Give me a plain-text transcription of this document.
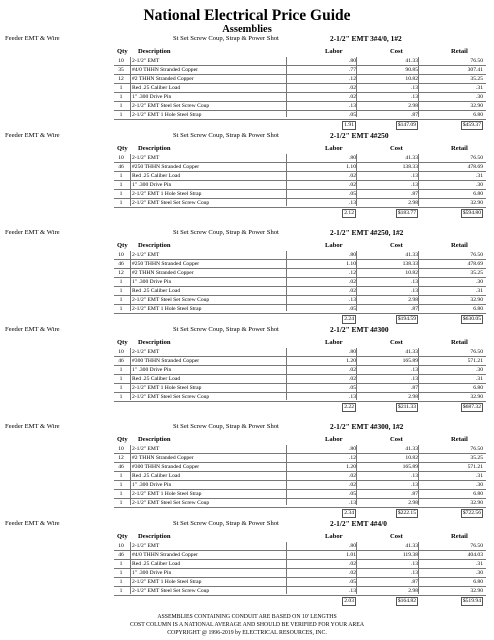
National Electrical Price Guide
Assemblies
Feeder EMT & Wire	St Set Screw Coup, Strap & Power Shot	2-1/2" EMT 3#4/0, 1#2
Qty Description	Labor	Cost	Retail
10	2-1/2" EMT	.80	41.33	76.50
35	#4/0 THHN Stranded Copper	.77	90.85	307.41
12	#2 THHN Stranded Copper	.12	10.82	35.25
1	Red .25 Caliber Load	.02	.13	.31
1	1" .300 Drive Pin	.02	.13	.30
1	2-1/2" EMT Steel Set Screw Coup	.13	2.98	32.90
1	2-1/2" EMT 1 Hole Steel Strap	.05	.87	6.80
1.91	$147.09	$459.37
Feeder EMT & Wire	St Set Screw Coup, Strap & Power Shot	2-1/2" EMT 4#250
Qty Description	Labor	Cost	Retail
10	2-1/2" EMT	.80	41.33	76.50
46	#250 THHN Stranded Copper	1.10	138.33	478.69
1	Red .25 Caliber Load	.02	.13	.31
1	1" .300 Drive Pin	.02	.13	.30
1	2-1/2" EMT 1 Hole Steel Strap	.05	.87	6.80
1	2-1/2" EMT Steel Set Screw Coup	.13	2.98	32.90
2.12	$183.77	$594.80
Feeder EMT & Wire	St Set Screw Coup, Strap & Power Shot	2-1/2" EMT 4#250, 1#2
Qty Description	Labor	Cost	Retail
10	2-1/2" EMT	.80	41.33	76.50
46	#250 THHN Stranded Copper	1.10	138.33	478.69
12	#2 THHN Stranded Copper	.12	10.82	35.25
1	1" .300 Drive Pin	.02	.13	.30
1	Red .25 Caliber Load	.02	.13	.31
1	2-1/2" EMT Steel Set Screw Coup	.13	2.98	32.90
1	2-1/2" EMT 1 Hole Steel Strap	.05	.87	6.80
2.24	$194.59	$630.05
Feeder EMT & Wire	St Set Screw Coup, Strap & Power Shot	2-1/2" EMT 4#300
Qty Description	Labor	Cost	Retail
10	2-1/2" EMT	.80	41.33	76.50
46	#300 THHN Stranded Copper	1.20	165.89	571.21
1	1" .300 Drive Pin	.02	.13	.30
1	Red .25 Caliber Load	.02	.13	.31
1	2-1/2" EMT 1 Hole Steel Strap	.05	.87	6.80
1	2-1/2" EMT Steel Set Screw Coup	.13	2.98	32.90
2.22	$211.33	$687.32
Feeder EMT & Wire	St Set Screw Coup, Strap & Power Shot	2-1/2" EMT 4#300, 1#2
Qty Description	Labor	Cost	Retail
10	2-1/2" EMT	.80	41.33	76.50
12	#2 THHN Stranded Copper	.12	10.82	35.25
46	#300 THHN Stranded Copper	1.20	165.89	571.21
1	Red .25 Caliber Load	.02	.13	.31
1	1" .300 Drive Pin	.02	.13	.30
1	2-1/2" EMT 1 Hole Steel Strap	.05	.87	6.80
1	2-1/2" EMT Steel Set Screw Coup	.13	2.98	32.90
2.34	$222.15	$722.56
Feeder EMT & Wire	St Set Screw Coup, Strap & Power Shot	2-1/2" EMT 4#4/0
Qty Description	Labor	Cost	Retail
10	2-1/2" EMT	.80	41.33	76.50
46	#4/0 THHN Stranded Copper	1.01	119.38	404.03
1	Red .25 Caliber Load	.02	.13	.31
1	1" .300 Drive Pin	.02	.13	.30
1	2-1/2" EMT 1 Hole Steel Strap	.05	.87	6.80
1	2-1/2" EMT Steel Set Screw Coup	.13	2.98	32.90
2.03	$164.82	$519.94
ASSEMBLIES CONTAINING CONDUIT ARE BASED ON 10' LENGTHS
COST COLUMN IS A NATIONAL AVERAGE AND SHOULD BE VERIFIED FOR YOUR AREA
COPYRIGHT @ 1996-2019 by ELECTRICAL RESOURCES, INC.
